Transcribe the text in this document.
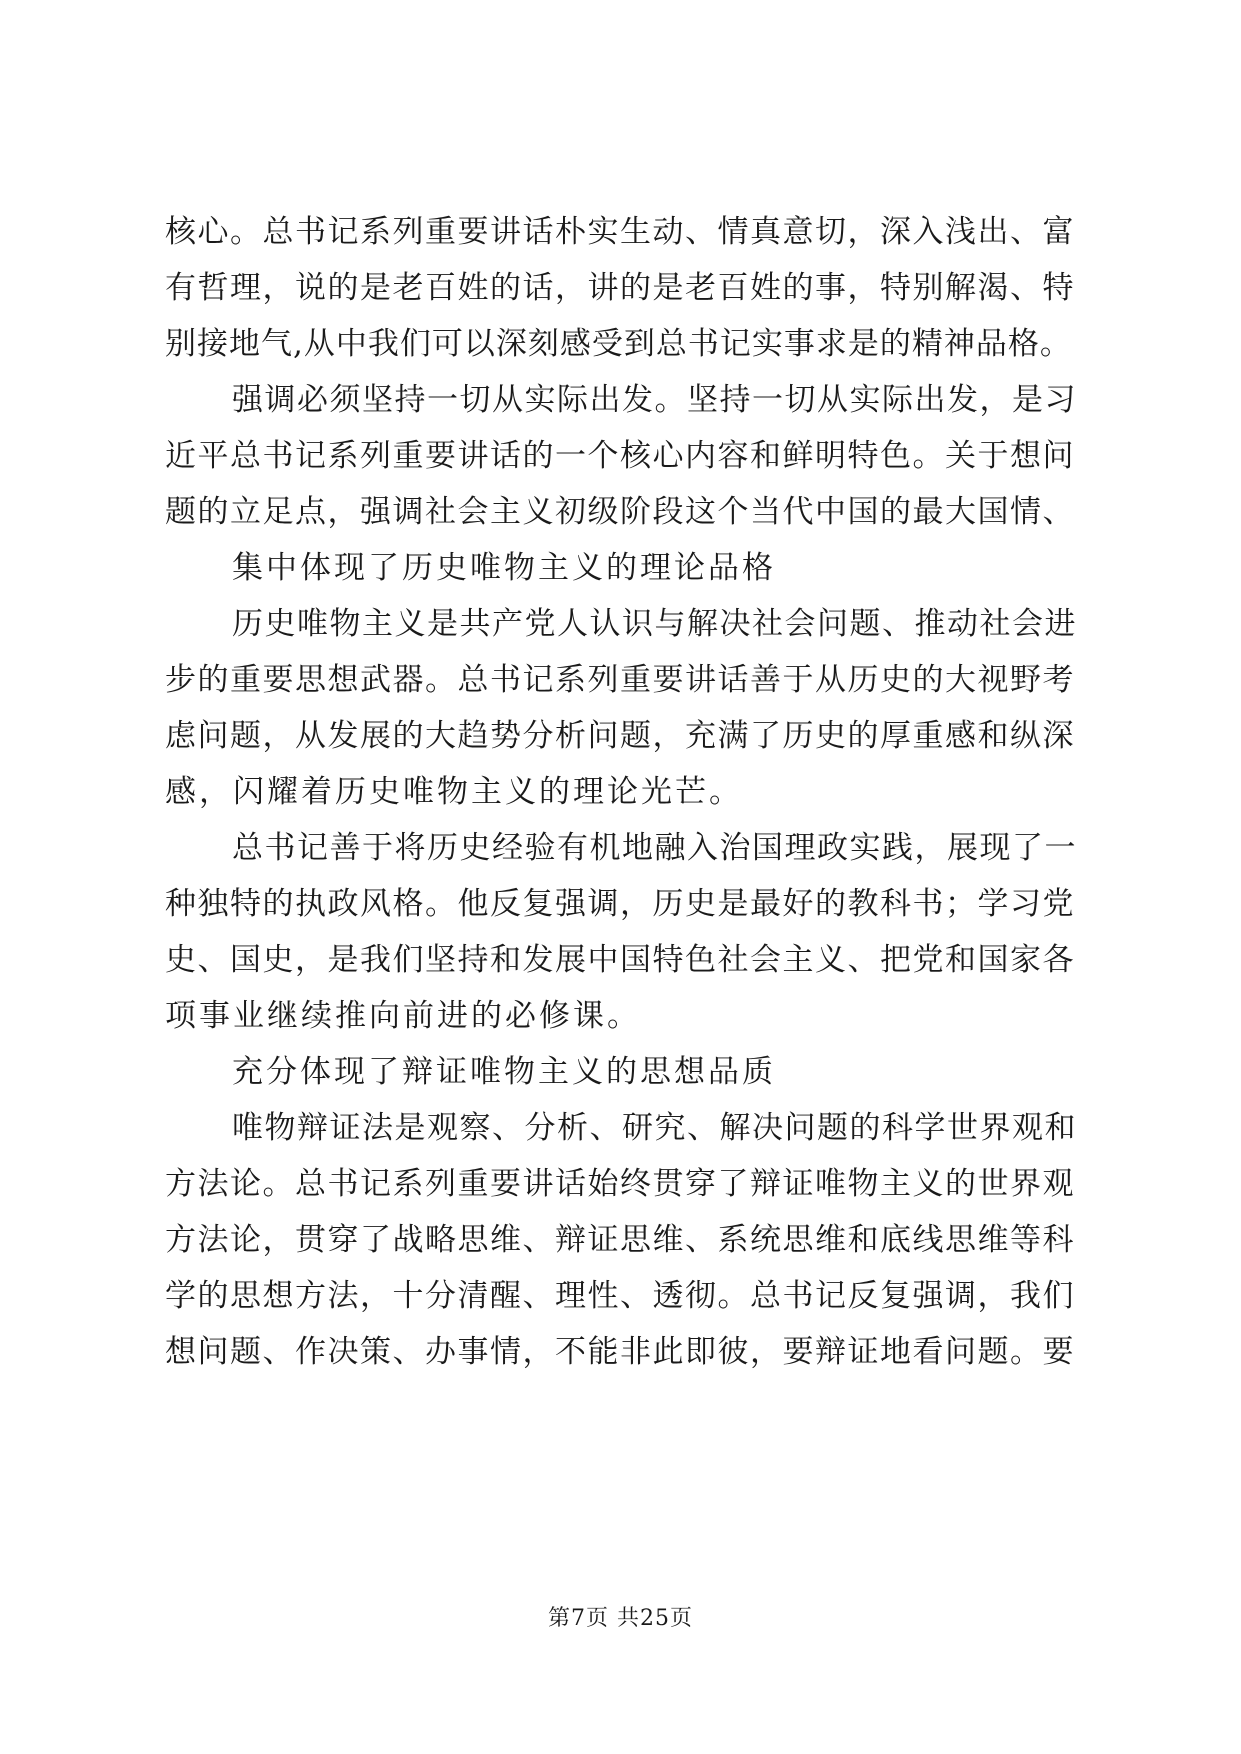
核心。总书记系列重要讲话朴实生动、情真意切，深入浅出、富
有哲理，说的是老百姓的话，讲的是老百姓的事，特别解渴、特
别接地气,从中我们可以深刻感受到总书记实事求是的精神品格。
强调必须坚持一切从实际出发。坚持一切从实际出发，是习
近平总书记系列重要讲话的一个核心内容和鲜明特色。关于想问
题的立足点，强调社会主义初级阶段这个当代中国的最大国情、
集中体现了历史唯物主义的理论品格
历史唯物主义是共产党人认识与解决社会问题、推动社会进
步的重要思想武器。总书记系列重要讲话善于从历史的大视野考
虑问题，从发展的大趋势分析问题，充满了历史的厚重感和纵深
感，闪耀着历史唯物主义的理论光芒。
总书记善于将历史经验有机地融入治国理政实践，展现了一
种独特的执政风格。他反复强调，历史是最好的教科书；学习党
史、国史，是我们坚持和发展中国特色社会主义、把党和国家各
项事业继续推向前进的必修课。
充分体现了辩证唯物主义的思想品质
唯物辩证法是观察、分析、研究、解决问题的科学世界观和
方法论。总书记系列重要讲话始终贯穿了辩证唯物主义的世界观
方法论，贯穿了战略思维、辩证思维、系统思维和底线思维等科
学的思想方法，十分清醒、理性、透彻。总书记反复强调，我们
想问题、作决策、办事情，不能非此即彼，要辩证地看问题。要
第7页 共25页
